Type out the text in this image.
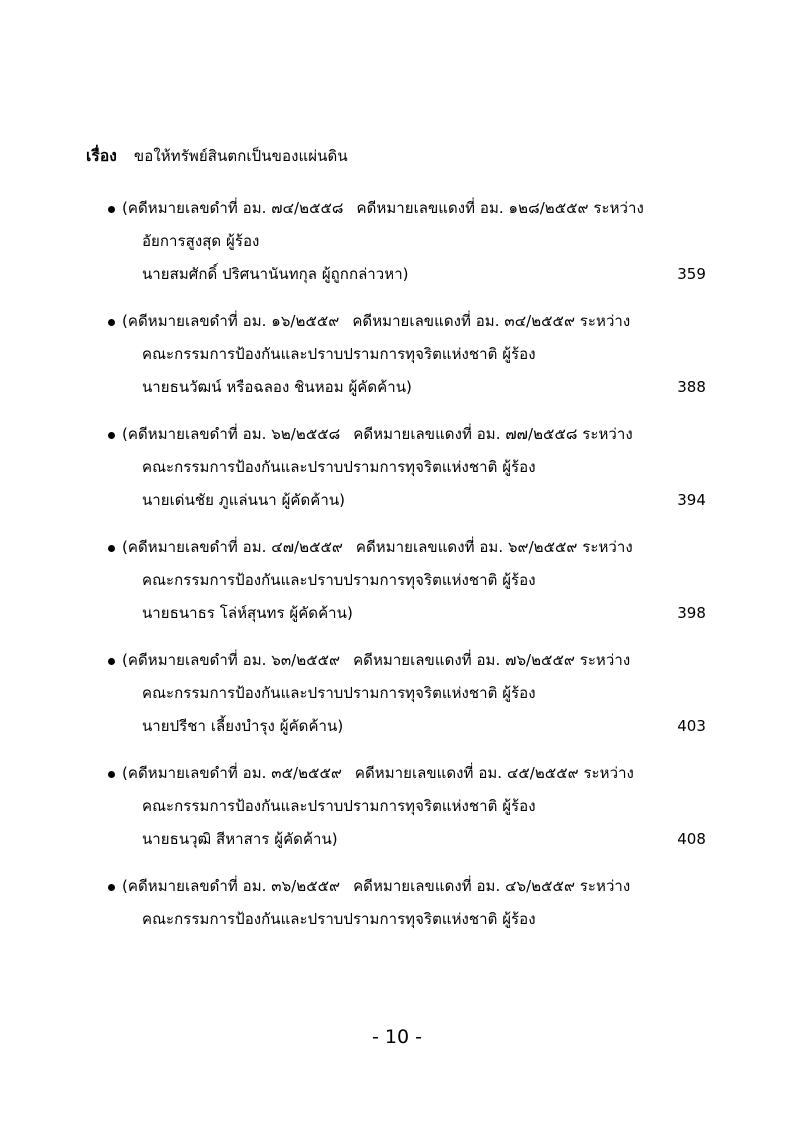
เรื่อง ขอให้ทรัพย์สินตกเป็นของแผ่นดิน
(คดีหมายเลขดำที่ อม. ๗๔/๒๕๕๘ คดีหมายเลขแดงที่ อม. ๑๒๘/๒๕๕๙ ระหว่าง
อัยการสูงสุด ผู้ร้อง
นายสมศักดิ์ ปริศนานันทกุล ผู้ถูกกล่าวหา)	359
(คดีหมายเลขดำที่ อม. ๑๖/๒๕๕๙ คดีหมายเลขแดงที่ อม. ๓๔/๒๕๕๙ ระหว่าง
คณะกรรมการป้องกันและปราบปรามการทุจริตแห่งชาติ ผู้ร้อง
นายธนวัฒน์ หรือฉลอง ชินหอม ผู้คัดค้าน)	388
(คดีหมายเลขดำที่ อม. ๖๒/๒๕๕๘ คดีหมายเลขแดงที่ อม. ๗๗/๒๕๕๘ ระหว่าง
คณะกรรมการป้องกันและปราบปรามการทุจริตแห่งชาติ ผู้ร้อง
นายเด่นชัย ภูแล่นนา ผู้คัดค้าน)	394
(คดีหมายเลขดำที่ อม. ๔๗/๒๕๕๙ คดีหมายเลขแดงที่ อม. ๖๙/๒๕๕๙ ระหว่าง
คณะกรรมการป้องกันและปราบปรามการทุจริตแห่งชาติ ผู้ร้อง
นายธนาธร โล่ห์สุนทร ผู้คัดค้าน)	398
(คดีหมายเลขดำที่ อม. ๖๓/๒๕๕๙ คดีหมายเลขแดงที่ อม. ๗๖/๒๕๕๙ ระหว่าง
คณะกรรมการป้องกันและปราบปรามการทุจริตแห่งชาติ ผู้ร้อง
นายปรีชา เลี้ยงบำรุง ผู้คัดค้าน)	403
(คดีหมายเลขดำที่ อม. ๓๕/๒๕๕๙ คดีหมายเลขแดงที่ อม. ๔๕/๒๕๕๙ ระหว่าง
คณะกรรมการป้องกันและปราบปรามการทุจริตแห่งชาติ ผู้ร้อง
นายธนวุฒิ สีหาสาร ผู้คัดค้าน)	408
(คดีหมายเลขดำที่ อม. ๓๖/๒๕๕๙ คดีหมายเลขแดงที่ อม. ๔๖/๒๕๕๙ ระหว่าง
คณะกรรมการป้องกันและปราบปรามการทุจริตแห่งชาติ ผู้ร้อง
- 10 -
